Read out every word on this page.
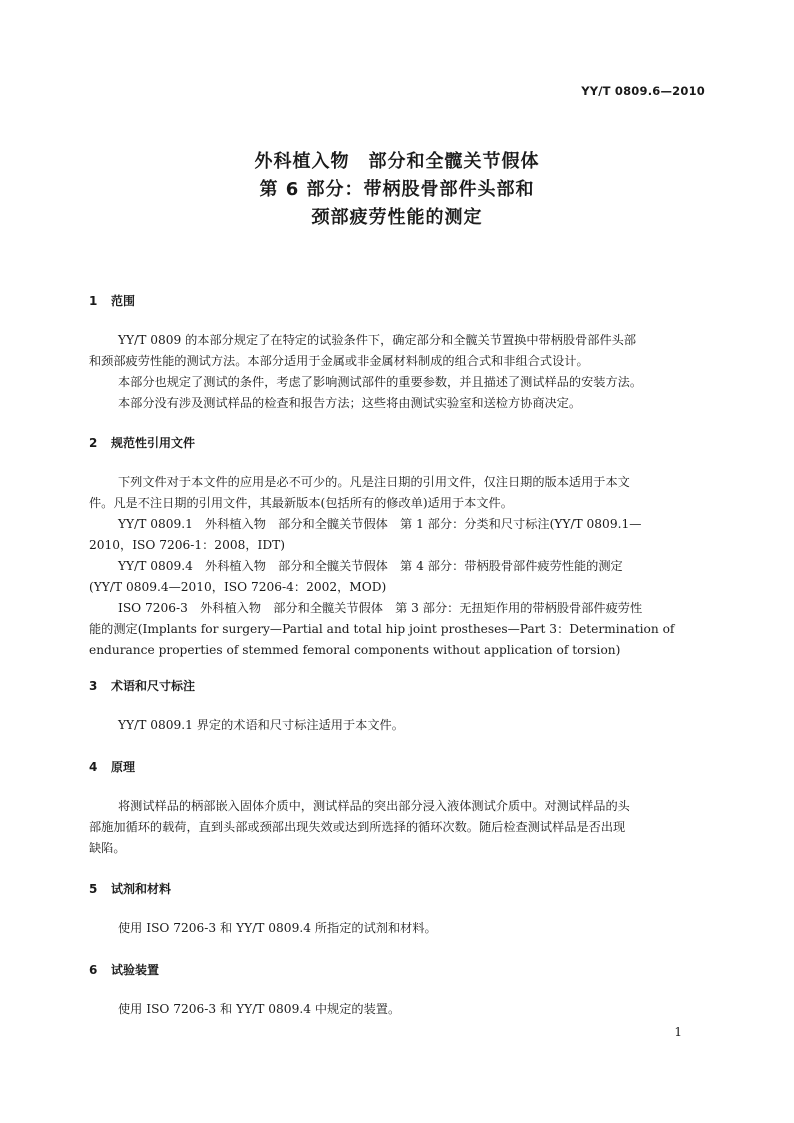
YY/T 0809.6—2010
外科植入物　部分和全髋关节假体
第 6 部分：带柄股骨部件头部和
颈部疲劳性能的测定
1 范围
YY/T 0809 的本部分规定了在特定的试验条件下，确定部分和全髋关节置换中带柄股骨部件头部
和颈部疲劳性能的测试方法。本部分适用于金属或非金属材料制成的组合式和非组合式设计。
本部分也规定了测试的条件，考虑了影响测试部件的重要参数，并且描述了测试样品的安装方法。
本部分没有涉及测试样品的检查和报告方法；这些将由测试实验室和送检方协商决定。
2 规范性引用文件
下列文件对于本文件的应用是必不可少的。凡是注日期的引用文件，仅注日期的版本适用于本文
件。凡是不注日期的引用文件，其最新版本(包括所有的修改单)适用于本文件。
YY/T 0809.1　外科植入物　部分和全髋关节假体　第 1 部分：分类和尺寸标注(YY/T 0809.1—
2010，ISO 7206-1：2008，IDT)
YY/T 0809.4　外科植入物　部分和全髋关节假体　第 4 部分：带柄股骨部件疲劳性能的测定
(YY/T 0809.4—2010，ISO 7206-4：2002，MOD)
ISO 7206-3　外科植入物　部分和全髋关节假体　第 3 部分：无扭矩作用的带柄股骨部件疲劳性
能的测定(Implants for surgery—Partial and total hip joint prostheses—Part 3：Determination of
endurance properties of stemmed femoral components without application of torsion)
3 术语和尺寸标注
YY/T 0809.1 界定的术语和尺寸标注适用于本文件。
4 原理
将测试样品的柄部嵌入固体介质中，测试样品的突出部分浸入液体测试介质中。对测试样品的头
部施加循环的载荷，直到头部或颈部出现失效或达到所选择的循环次数。随后检查测试样品是否出现
缺陷。
5 试剂和材料
使用 ISO 7206-3 和 YY/T 0809.4 所指定的试剂和材料。
6 试验装置
使用 ISO 7206-3 和 YY/T 0809.4 中规定的装置。
1
